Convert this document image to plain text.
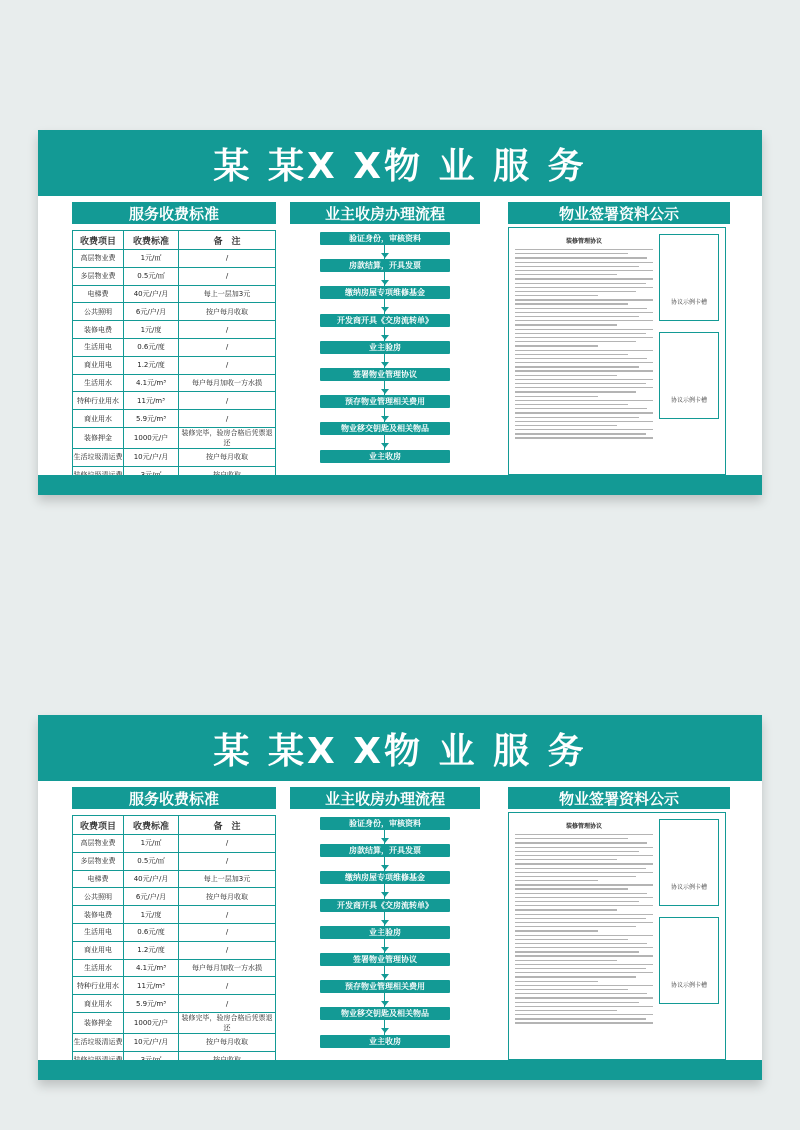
某 某X X物 业 服 务
服务收费标准
收费项目	收费标准	备　注
高层物业费	1元/㎡	/
多层物业费	0.5元/㎡	/
电梯费	40元/户/月	每上一层加3元
公共照明	6元/户/月	按户每月收取
装修电费	1元/度	/
生活用电	0.6元/度	/
商业用电	1.2元/度	/
生活用水	4.1元/m³	每户每月加收一方水损
特种行业用水	11元/m³	/
商业用水	5.9元/m³	/
装修押金	1000元/户	装修完毕，验房合格后凭票退还
生活垃圾清运费	10元/户/月	按户每月收取

业主收房办理流程
验证身份，审核资料
房款结算，开具发票
缴纳房屋专项维修基金
开发商开具《交房流转单》
业主验房
签署物业管理协议
预存物业管理相关费用
物业移交钥匙及相关物品
业主收房
物业签署资料公示
装修管理协议
协议示例卡槽
协议示例卡槽
某 某X X物 业 服 务
服务收费标准
收费项目	收费标准	备　注
高层物业费	1元/㎡	/
多层物业费	0.5元/㎡	/
电梯费	40元/户/月	每上一层加3元
公共照明	6元/户/月	按户每月收取
装修电费	1元/度	/
生活用电	0.6元/度	/
商业用电	1.2元/度	/
生活用水	4.1元/m³	每户每月加收一方水损
特种行业用水	11元/m³	/
商业用水	5.9元/m³	/
装修押金	1000元/户	装修完毕，验房合格后凭票退还
生活垃圾清运费	10元/户/月	按户每月收取

业主收房办理流程
验证身份，审核资料
房款结算，开具发票
缴纳房屋专项维修基金
开发商开具《交房流转单》
业主验房
签署物业管理协议
预存物业管理相关费用
物业移交钥匙及相关物品
业主收房
物业签署资料公示
装修管理协议
协议示例卡槽
协议示例卡槽
